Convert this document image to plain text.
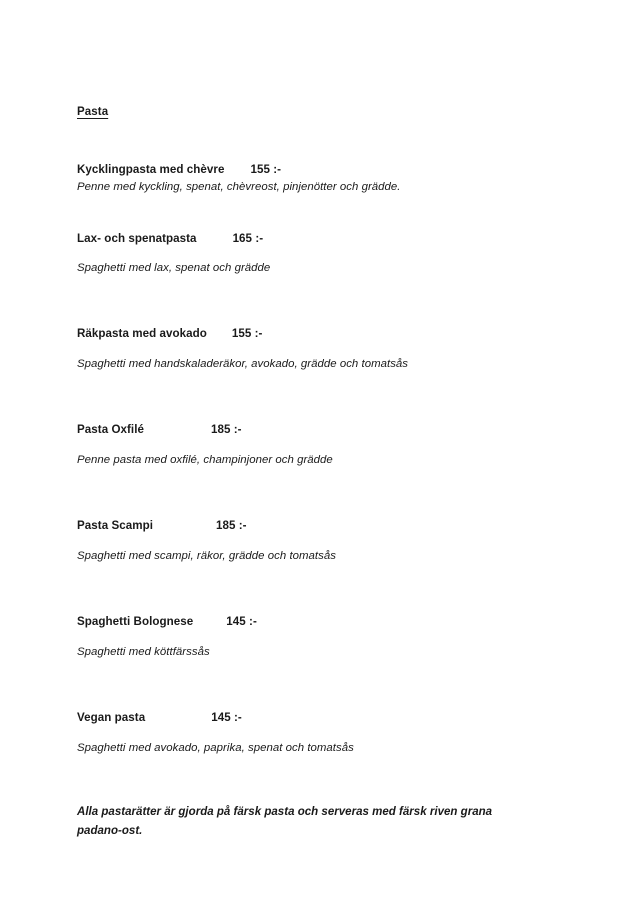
Pasta
Kycklingpasta med chèvre 155 :-
Penne med kyckling, spenat, chèvreost, pinjenötter och grädde.
Lax- och spenatpasta	165 :-
Spaghetti med lax, spenat och grädde
Räkpasta med avokado 155 :-
Spaghetti med handskaladeräkor, avokado, grädde och tomatsås
Pasta Oxfilé	185 :-
Penne pasta med oxfilé, champinjoner och grädde
Pasta Scampi	185 :-
Spaghetti med scampi, räkor, grädde och tomatsås
Spaghetti Bolognese	145 :-
Spaghetti med köttfärssås
Vegan pasta	145 :-
Spaghetti med avokado, paprika, spenat och tomatsås
Alla pastarätter är gjorda på färsk pasta och serveras med färsk riven grana padano-ost.
